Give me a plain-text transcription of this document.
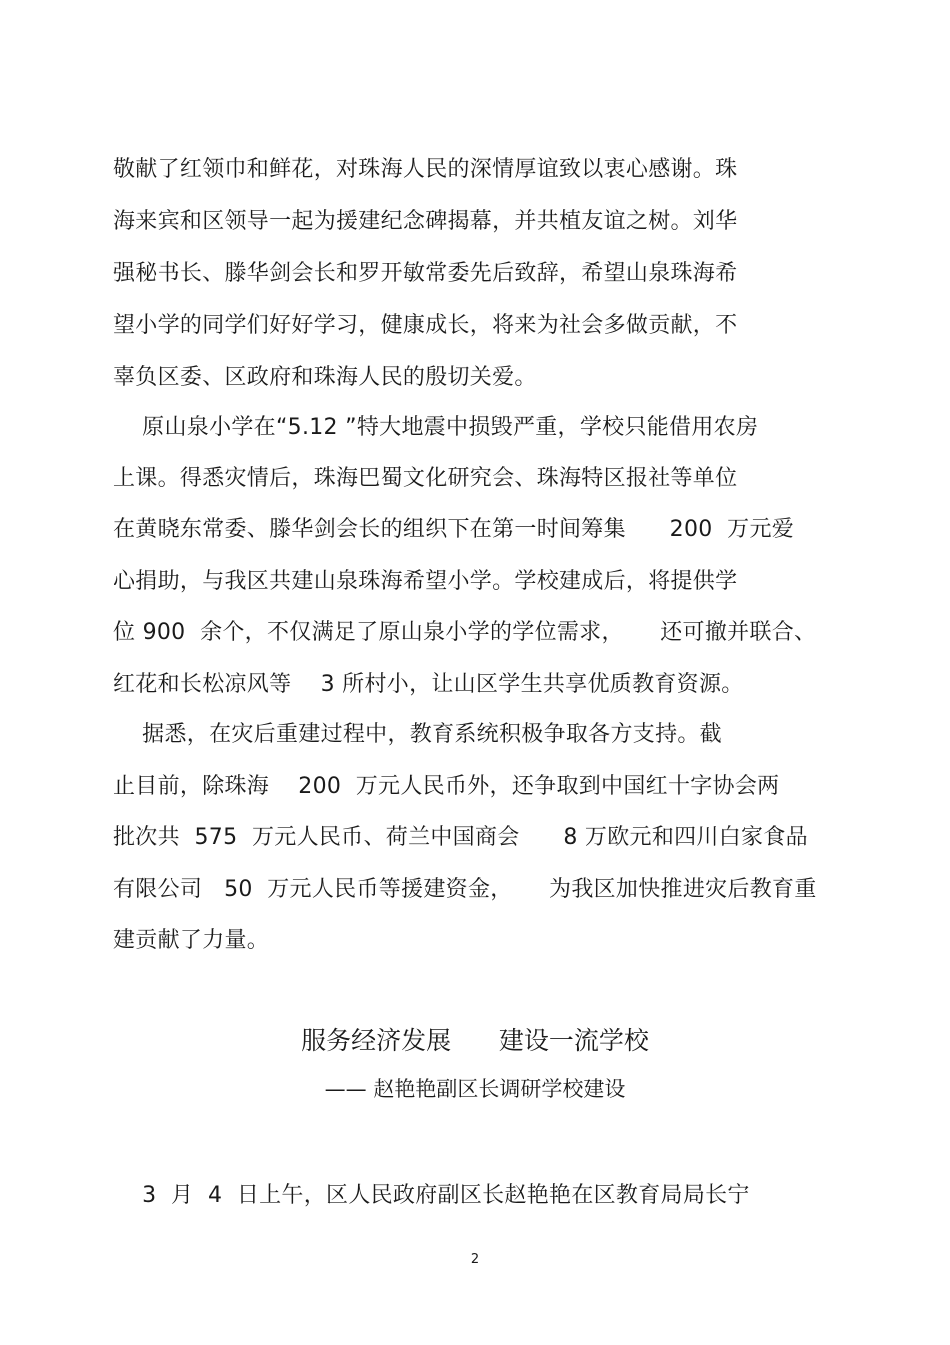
敬献了红领巾和鲜花，对珠海人民的深情厚谊致以衷心感谢。珠
海来宾和区领导一起为援建纪念碑揭幕，并共植友谊之树。刘华
强秘书长、滕华剑会长和罗开敏常委先后致辞，希望山泉珠海希
望小学的同学们好好学习，健康成长，将来为社会多做贡献，不
辜负区委、区政府和珠海人民的殷切关爱。
原山泉小学在“5.12 ”特大地震中损毁严重，学校只能借用农房
上课。得悉灾情后，珠海巴蜀文化研究会、珠海特区报社等单位
在黄晓东常委、滕华剑会长的组织下在第一时间筹集      200  万元爱
心捐助，与我区共建山泉珠海希望小学。学校建成后，将提供学
位 900  余个，不仅满足了原山泉小学的学位需求，     还可撤并联合、
红花和长松凉风等    3 所村小，让山区学生共享优质教育资源。
据悉，在灾后重建过程中，教育系统积极争取各方支持。截
止目前，除珠海    200  万元人民币外，还争取到中国红十字协会两
批次共  575  万元人民币、荷兰中国商会      8 万欧元和四川白家食品
有限公司   50  万元人民币等援建资金，     为我区加快推进灾后教育重
建贡献了力量。
服务经济发展      建设一流学校
—— 赵艳艳副区长调研学校建设
3  月  4  日上午，区人民政府副区长赵艳艳在区教育局局长宁
2
